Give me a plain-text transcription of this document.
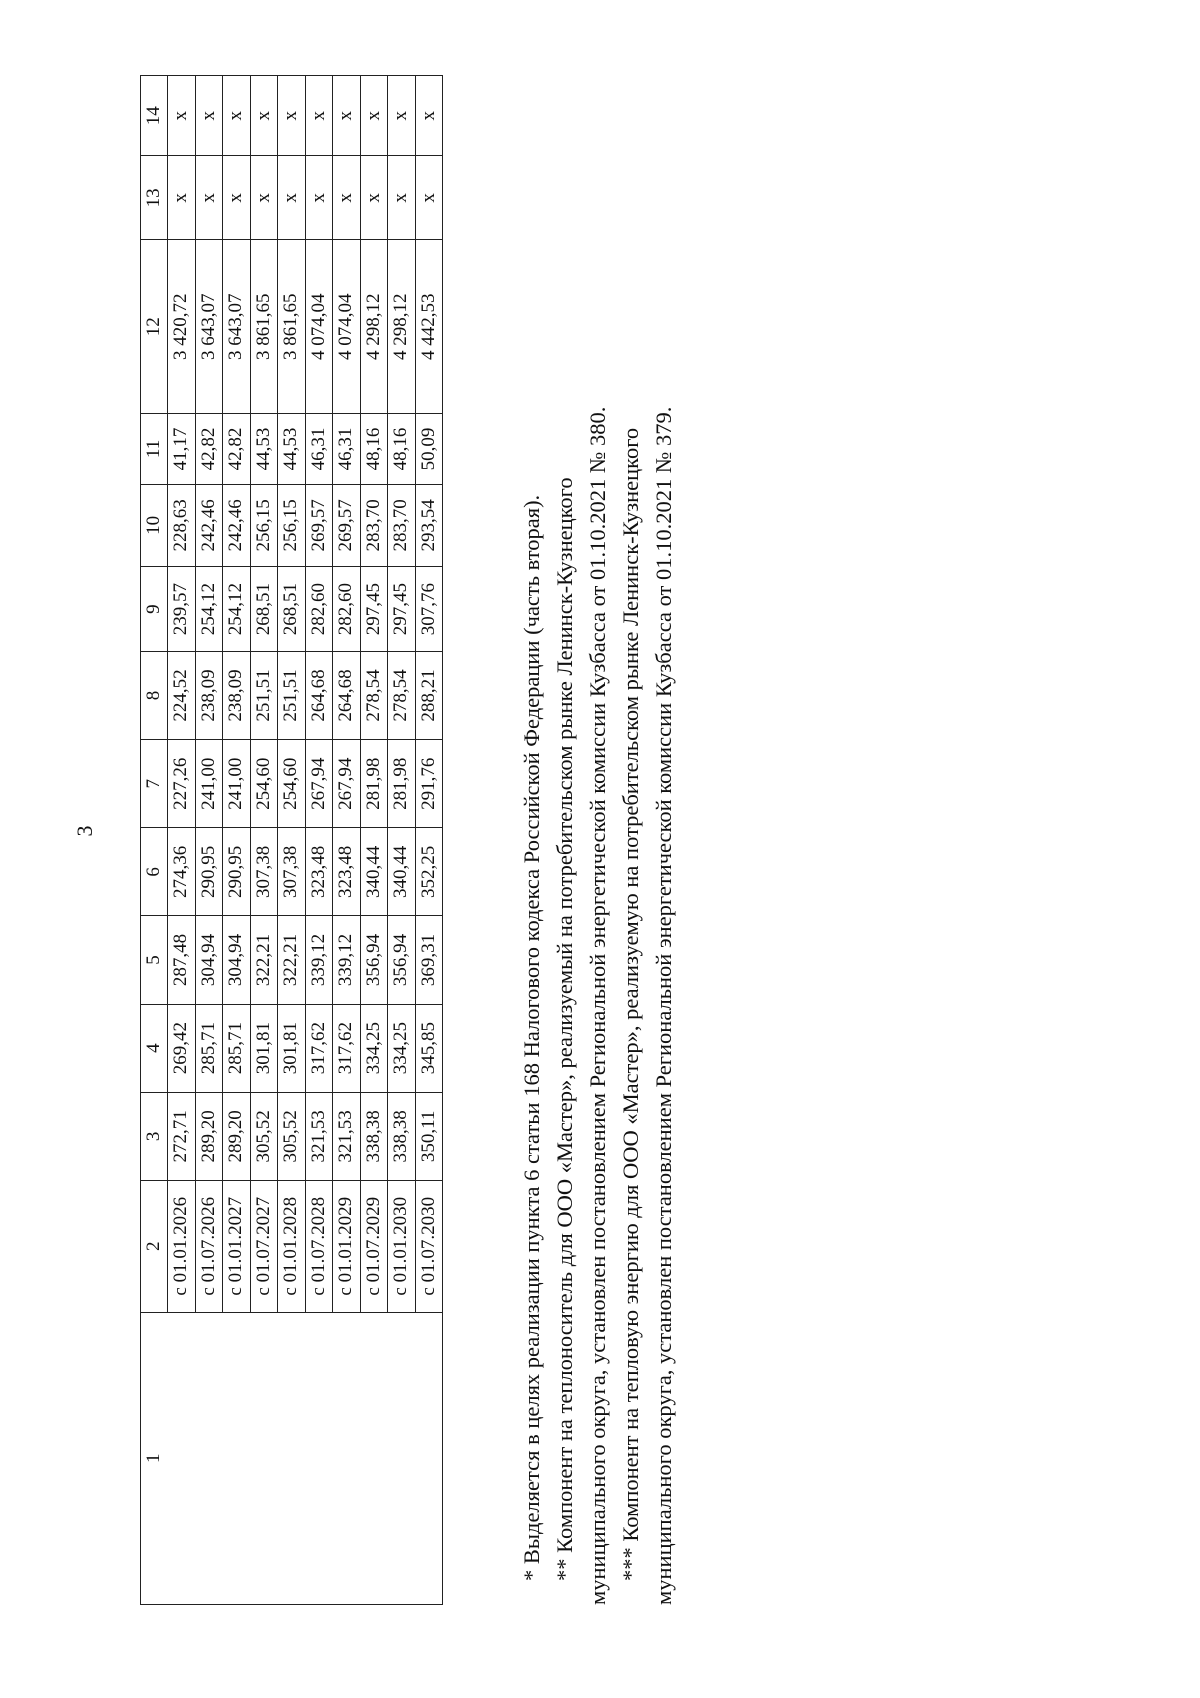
3
1	2	3	4	5	6	7	8	9	10	11	12	13	14
	с 01.01.2026	272,71	269,42	287,48	274,36	227,26	224,52	239,57	228,63	41,17	3 420,72	х	х
	с 01.07.2026	289,20	285,71	304,94	290,95	241,00	238,09	254,12	242,46	42,82	3 643,07	х	х
	с 01.01.2027	289,20	285,71	304,94	290,95	241,00	238,09	254,12	242,46	42,82	3 643,07	х	х
	с 01.07.2027	305,52	301,81	322,21	307,38	254,60	251,51	268,51	256,15	44,53	3 861,65	х	х
	с 01.01.2028	305,52	301,81	322,21	307,38	254,60	251,51	268,51	256,15	44,53	3 861,65	х	х
	с 01.07.2028	321,53	317,62	339,12	323,48	267,94	264,68	282,60	269,57	46,31	4 074,04	х	х
	с 01.01.2029	321,53	317,62	339,12	323,48	267,94	264,68	282,60	269,57	46,31	4 074,04	х	х
	с 01.07.2029	338,38	334,25	356,94	340,44	281,98	278,54	297,45	283,70	48,16	4 298,12	х	х
	с 01.01.2030	338,38	334,25	356,94	340,44	281,98	278,54	297,45	283,70	48,16	4 298,12	х	х
	с 01.07.2030	350,11	345,85	369,31	352,25	291,76	288,21	307,76	293,54	50,09	4 442,53	х	х

* Выделяется в целях реализации пункта 6 статьи 168 Налогового кодекса Российской Федерации (часть вторая). ** Компонент на теплоноситель для ООО «Мастер», реализуемый на потребительском рынке Ленинск-Кузнецкого муниципального округа, установлен постановлением Региональной энергетической комиссии Кузбасса от 01.10.2021 № 380. *** Компонент на тепловую энергию для ООО «Мастер», реализуемую на потребительском рынке Ленинск-Кузнецкого муниципального округа, установлен постановлением Региональной энергетической комиссии Кузбасса от 01.10.2021 № 379.
